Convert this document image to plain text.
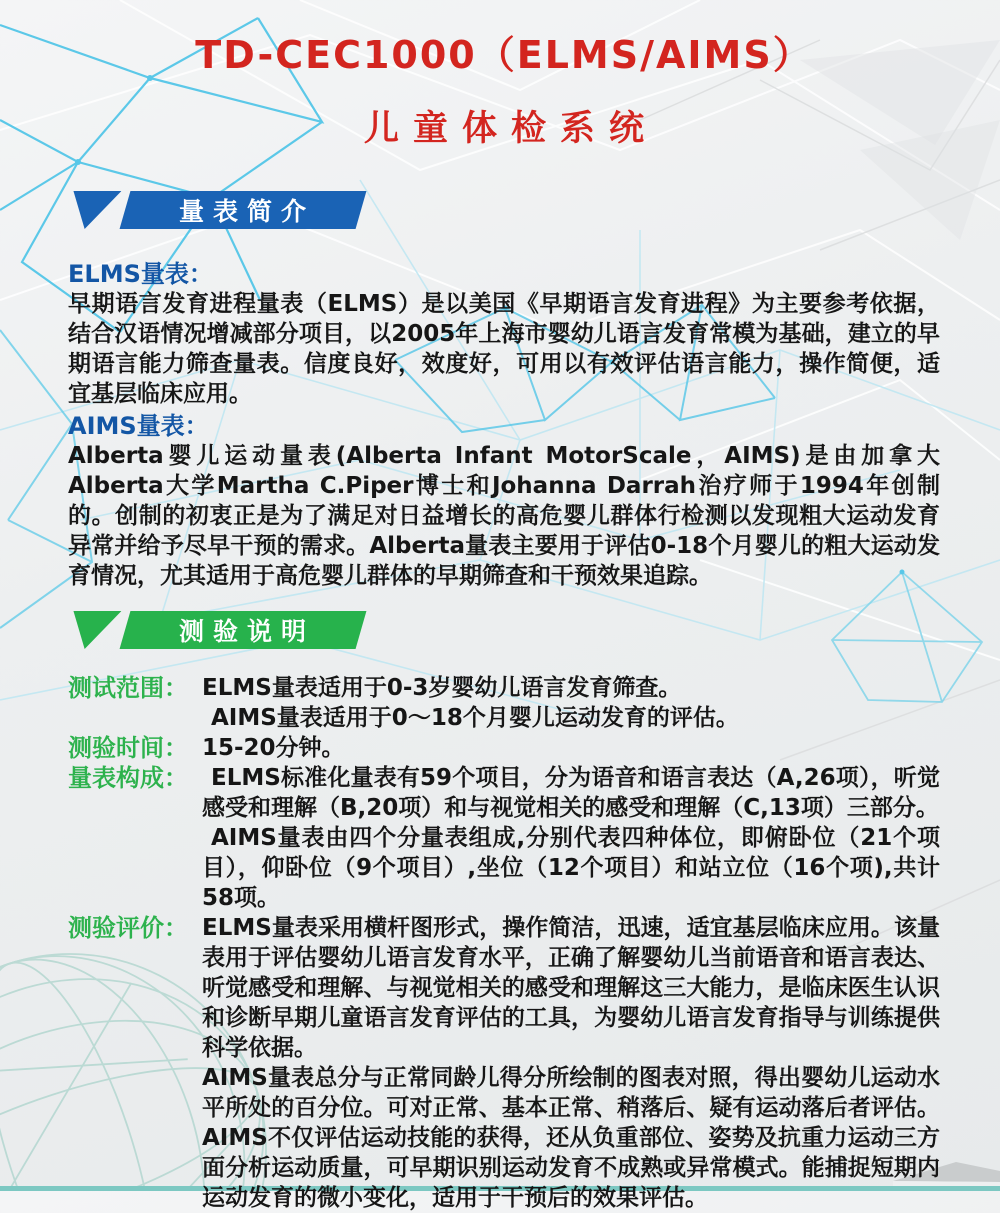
TD-CEC1000（ELMS/AIMS）
儿童体检系统
量表简介
ELMS量表：
早期语言发育进程量表（ELMS）是以美国《早期语言发育进程》为主要参考依据，结合汉语情况增减部分项目，以2005年上海市婴幼儿语言发育常模为基础，建立的早期语言能力筛查量表。信度良好，效度好，可用以有效评估语言能力，操作简便，适宜基层临床应用。
AIMS量表：
Alberta婴儿运动量表(Alberta Infant MotorScale，AIMS)是由加拿大Alberta大学Martha C.Piper博士和Johanna Darrah治疗师于1994年创制的。创制的初衷正是为了满足对日益增长的高危婴儿群体行检测以发现粗大运动发育异常并给予尽早干预的需求。Alberta量表主要用于评估0-18个月婴儿的粗大运动发育情况，尤其适用于高危婴儿群体的早期筛查和干预效果追踪。
测验说明
测试范围： ELMS量表适用于0-3岁婴幼儿语言发育筛查。
AIMS量表适用于0～18个月婴儿运动发育的评估。
测验时间： 15-20分钟。
量表构成：	ELMS标准化量表有59个项目，分为语音和语言表达（A,26项），听觉感受和理解（B,20项）和与视觉相关的感受和理解（C,13项）三部分。
AIMS量表由四个分量表组成,分别代表四种体位，即俯卧位（21个项目），仰卧位（9个项目）,坐位（12个项目）和站立位（16个项),共计58项。
测验评价： ELMS量表采用横杆图形式，操作简洁，迅速，适宜基层临床应用。该量表用于评估婴幼儿语言发育水平，正确了解婴幼儿当前语音和语言表达、听觉感受和理解、与视觉相关的感受和理解这三大能力，是临床医生认识和诊断早期儿童语言发育评估的工具，为婴幼儿语言发育指导与训练提供科学依据。
AIMS量表总分与正常同龄儿得分所绘制的图表对照，得出婴幼儿运动水平所处的百分位。可对正常、基本正常、稍落后、疑有运动落后者评估。AIMS不仅评估运动技能的获得，还从负重部位、姿势及抗重力运动三方面分析运动质量，可早期识别运动发育不成熟或异常模式。能捕捉短期内运动发育的微小变化，适用于干预后的效果评估。
